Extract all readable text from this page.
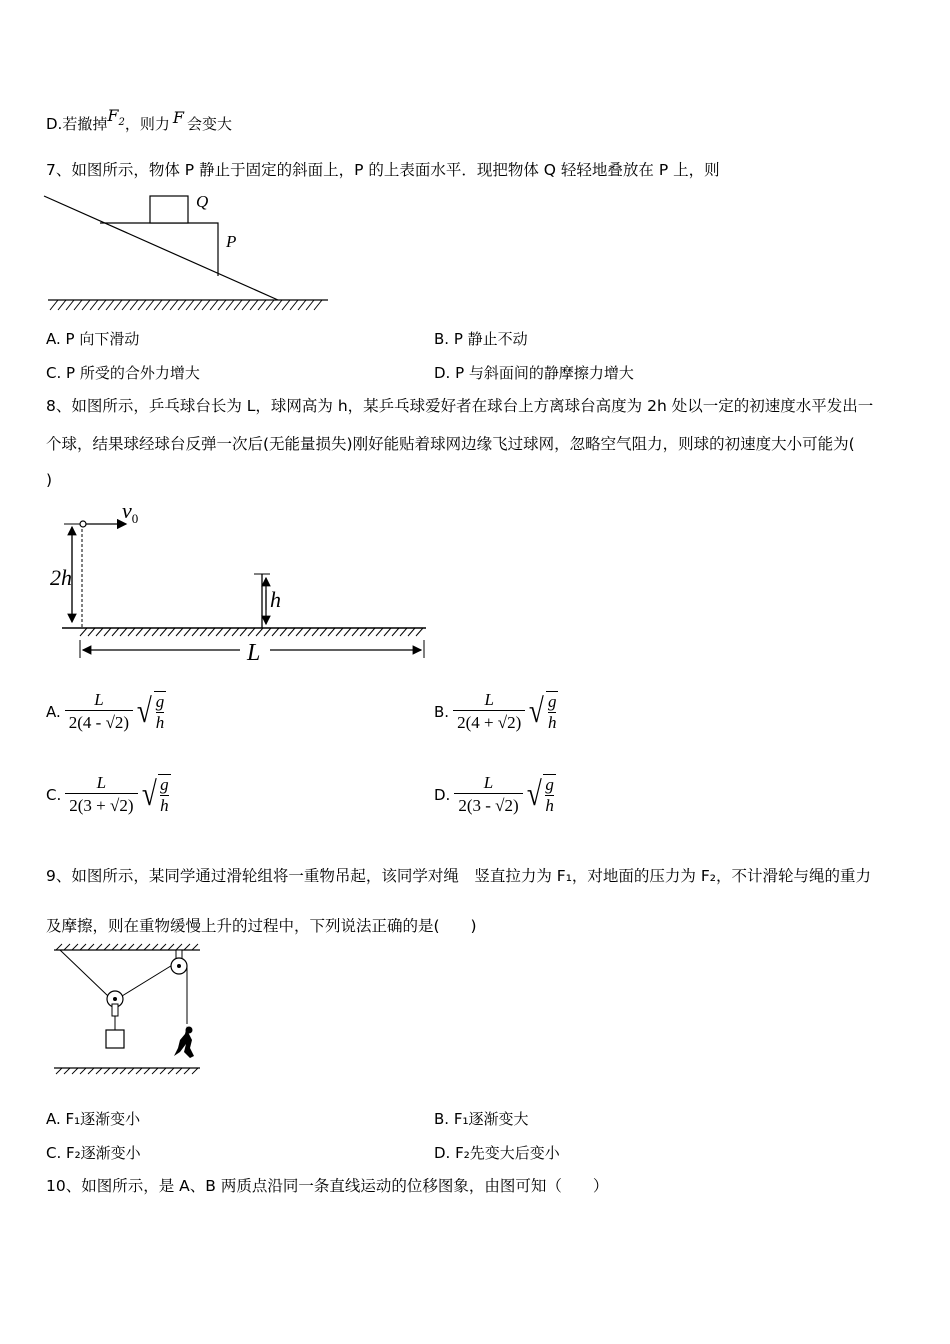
D.若撤掉$F_2$，则力 F 会变大
7、如图所示，物体 P 静止于固定的斜面上，P 的上表面水平．现把物体 Q 轻轻地叠放在 P 上，则
Q
P
A. P 向下滑动	B. P 静止不动
C. P 所受的合外力增大	D. P 与斜面间的静摩擦力增大
8、如图所示，乒乓球台长为 L，球网高为 h，某乒乓球爱好者在球台上方离球台高度为 2h 处以一定的初速度水平发出一
个球，结果球经球台反弹一次后(无能量损失)刚好能贴着球网边缘飞过球网，忽略空气阻力，则球的初速度大小可能为(
)
$v_0$
2h
h
L
A. $\frac{L}{2(4 - √2)}$ √ g
h
B. $\frac{L}{2(4 + √2)}$ √ g
h
C. $\frac{L}{2(3 + √2)}$ √ g
h
D. $\frac{L}{2(3 - √2)}$ √ g
h
9、如图所示，某同学通过滑轮组将一重物吊起，该同学对绳　竖直拉力为 F₁，对地面的压力为 F₂，不计滑轮与绳的重力
及摩擦，则在重物缓慢上升的过程中，下列说法正确的是(　　)
A. F₁逐渐变小	B. F₁逐渐变大
C. F₂逐渐变小	D. F₂先变大后变小
10、如图所示，是 A、B 两质点沿同一条直线运动的位移图象，由图可知（　　）
